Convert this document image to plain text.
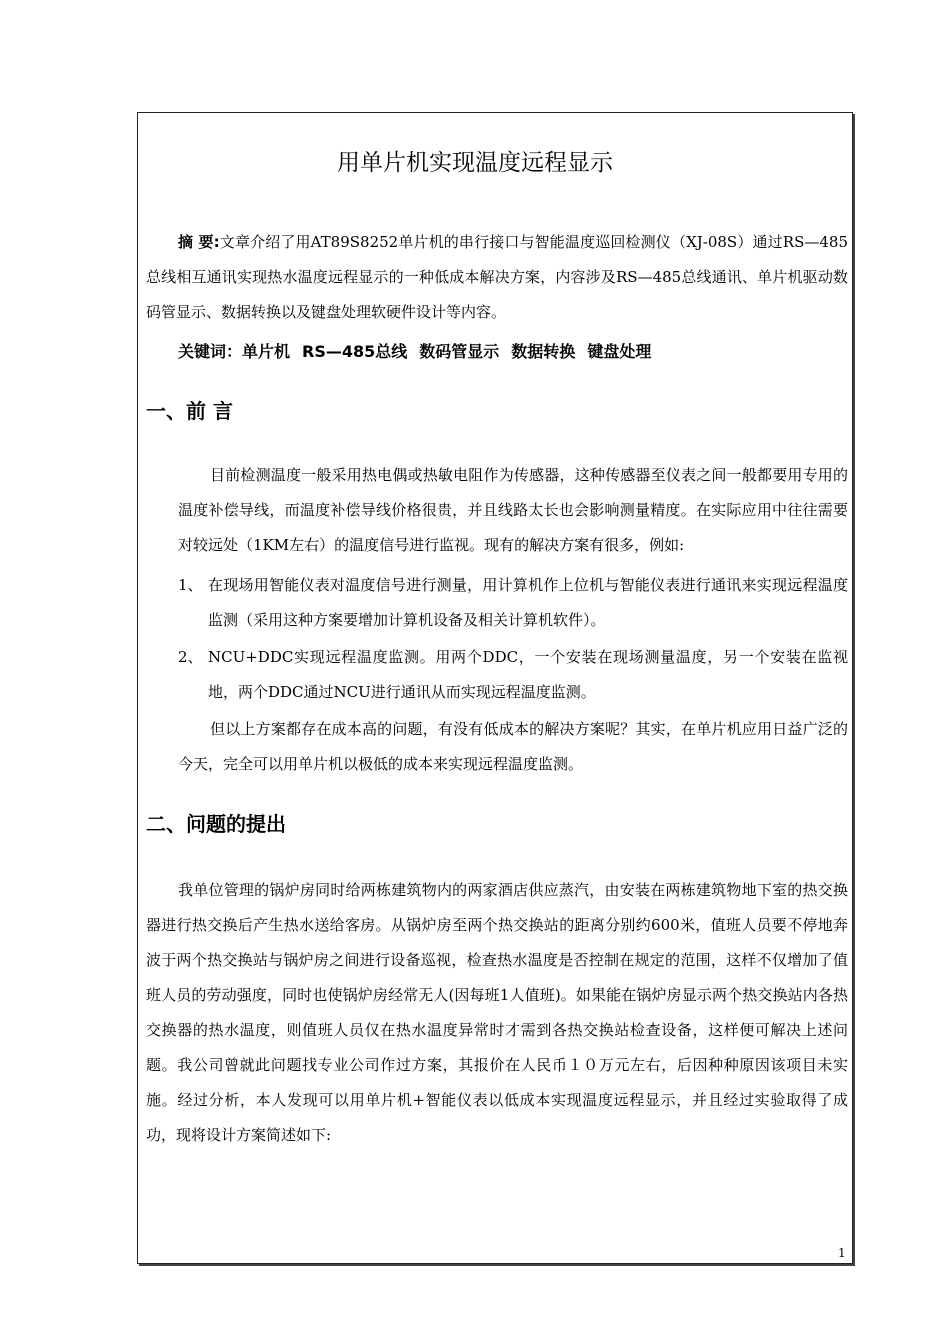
用单片机实现温度远程显示
摘 要:文章介绍了用AT89S8252单片机的串行接口与智能温度巡回检测仪（XJ-08S）通过RS—485总线相互通讯实现热水温度远程显示的一种低成本解决方案，内容涉及RS—485总线通讯、单片机驱动数码管显示、数据转换以及键盘处理软硬件设计等内容。
关键词：单片机 RS—485总线 数码管显示 数据转换 键盘处理
一、前 言
目前检测温度一般采用热电偶或热敏电阻作为传感器，这种传感器至仪表之间一般都要用专用的温度补偿导线，而温度补偿导线价格很贵，并且线路太长也会影响测量精度。在实际应用中往往需要对较远处（1KM左右）的温度信号进行监视。现有的解决方案有很多，例如:
1、 在现场用智能仪表对温度信号进行测量，用计算机作上位机与智能仪表进行通讯来实现远程温度监测（采用这种方案要增加计算机设备及相关计算机软件）。
2、 NCU+DDC实现远程温度监测。用两个DDC，一个安装在现场测量温度，另一个安装在监视地，两个DDC通过NCU进行通讯从而实现远程温度监测。
但以上方案都存在成本高的问题，有没有低成本的解决方案呢？其实，在单片机应用日益广泛的今天，完全可以用单片机以极低的成本来实现远程温度监测。
二、问题的提出
我单位管理的锅炉房同时给两栋建筑物内的两家酒店供应蒸汽，由安装在两栋建筑物地下室的热交换器进行热交换后产生热水送给客房。从锅炉房至两个热交换站的距离分别约600米，值班人员要不停地奔波于两个热交换站与锅炉房之间进行设备巡视，检查热水温度是否控制在规定的范围，这样不仅增加了值班人员的劳动强度，同时也使锅炉房经常无人(因每班1人值班)。如果能在锅炉房显示两个热交换站内各热交换器的热水温度，则值班人员仅在热水温度异常时才需到各热交换站检查设备，这样便可解决上述问题。我公司曾就此问题找专业公司作过方案，其报价在人民币１０万元左右，后因种种原因该项目未实施。经过分析，本人发现可以用单片机+智能仪表以低成本实现温度远程显示，并且经过实验取得了成功，现将设计方案简述如下:
1
